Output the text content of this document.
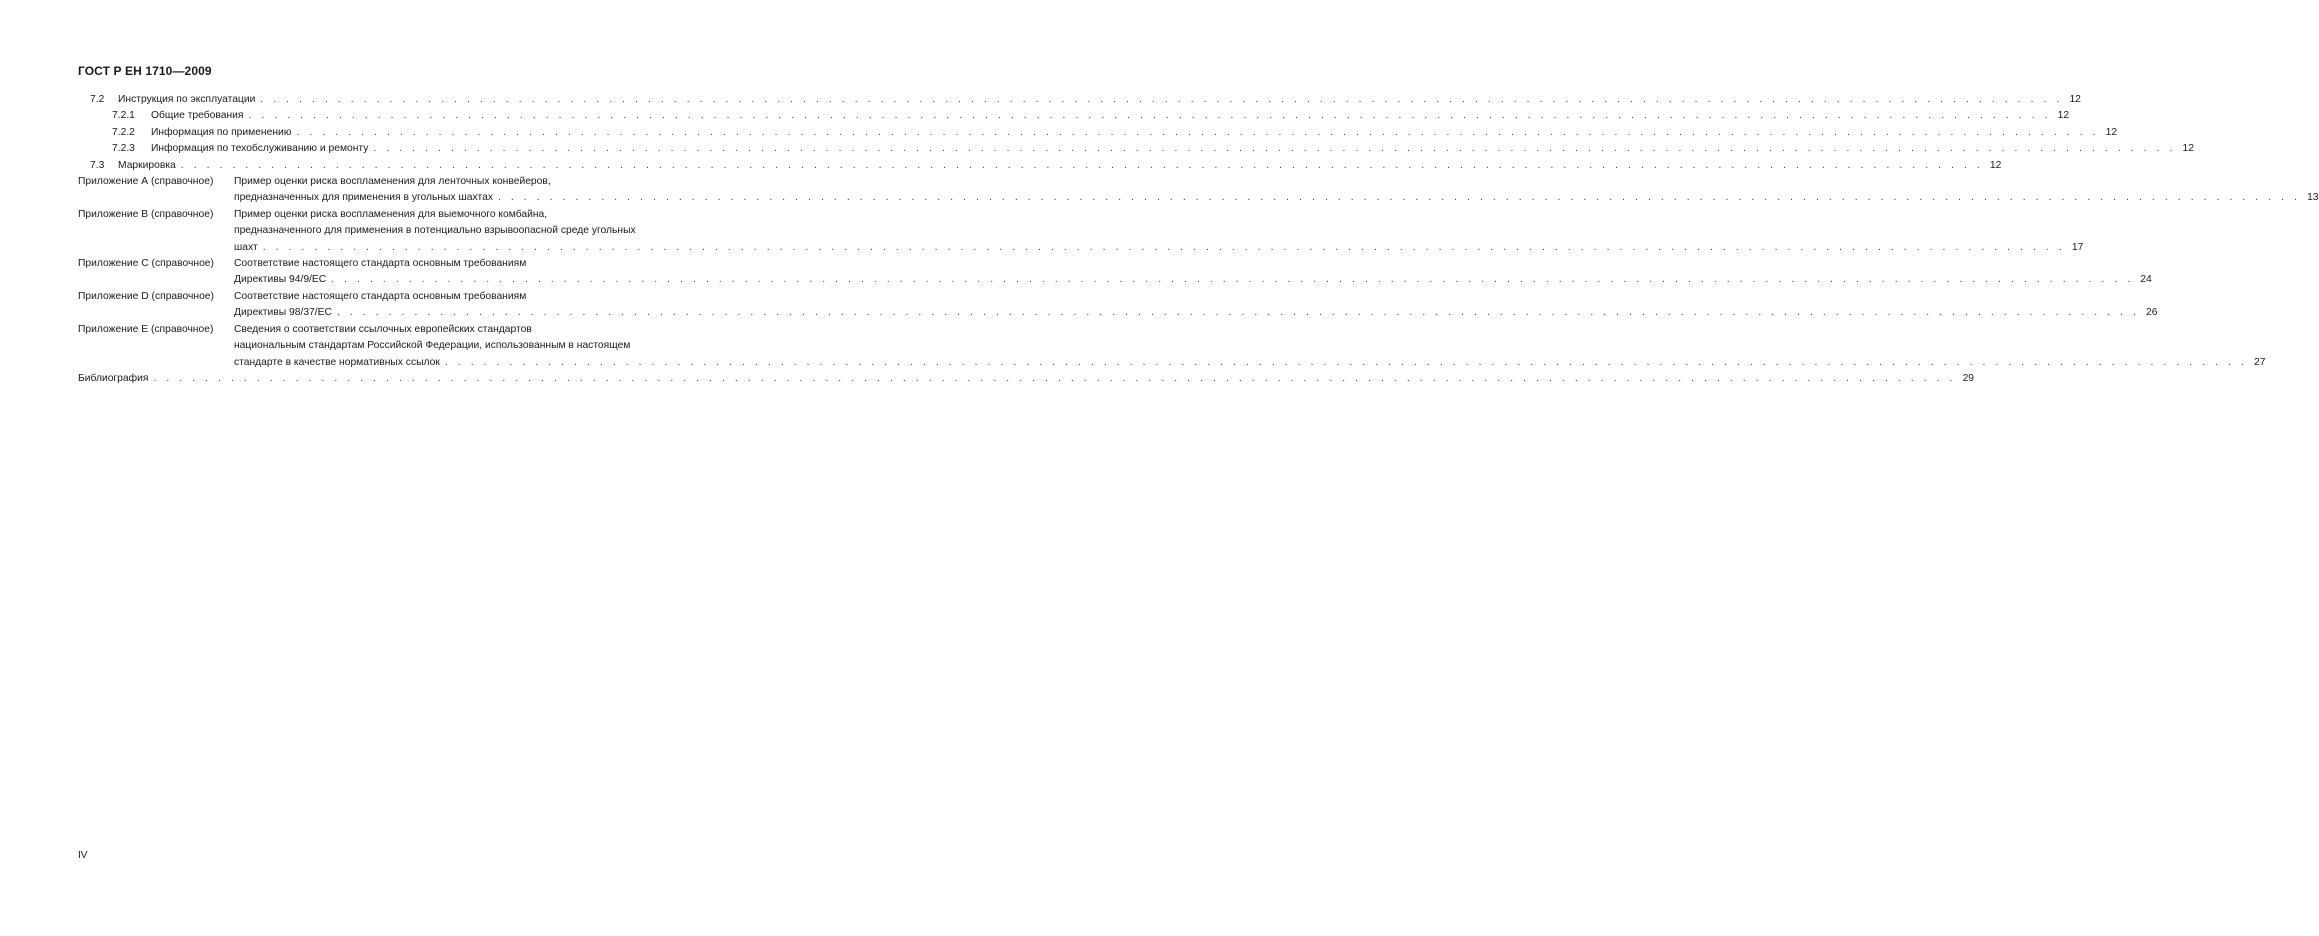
ГОСТ Р ЕН 1710—2009
7.2	Инструкция по эксплуатации . . . . . . . . . . . . . . . . . . . . . . . . . . . . . . . . . . . . . . . . . . . . . . . . . . . . . . . . . . . . . . . . . . . . . . . . . . . . . . . . . . . . . . . . . . . . . . . . . . . . . . . . . . . . . . . . . . . . . . . . . . . . . . . . . . . . . . . . . . . . 12
7.2.1	Общие требования . . . . . . . . . . . . . . . . . . . . . . . . . . . . . . . . . . . . . . . . . . . . . . . . . . . . . . . . . . . . . . . . . . . . . . . . . . . . . . . . . . . . . . . . . . . . . . . . . . . . . . . . . . . . . . . . . . . . . . . . . . . . . . . . . . . . . . . . . . . . 12
7.2.2	Информация по применению . . . . . . . . . . . . . . . . . . . . . . . . . . . . . . . . . . . . . . . . . . . . . . . . . . . . . . . . . . . . . . . . . . . . . . . . . . . . . . . . . . . . . . . . . . . . . . . . . . . . . . . . . . . . . . . . . . . . . . . . . . . . . . . . . . . . . . . . . . . . 12
7.2.3	Информация по техобслуживанию и ремонту . . . . . . . . . . . . . . . . . . . . . . . . . . . . . . . . . . . . . . . . . . . . . . . . . . . . . . . . . . . . . . . . . . . . . . . . . . . . . . . . . . . . . . . . . . . . . . . . . . . . . . . . . . . . . . . . . . . . . . . . . . . . . . . . . . . . . . . . . . . . 12
7.3	Маркировка . . . . . . . . . . . . . . . . . . . . . . . . . . . . . . . . . . . . . . . . . . . . . . . . . . . . . . . . . . . . . . . . . . . . . . . . . . . . . . . . . . . . . . . . . . . . . . . . . . . . . . . . . . . . . . . . . . . . . . . . . . . . . . . . . . . . . . . . . . . . 12
Приложение А (справочное)	Пример оценки риска воспламенения для ленточных конвейеров,
предназначенных для применения в угольных шахтах . . . . . . . . . . . . . . . . . . . . . . . . . . . . . . . . . . . . . . . . . . . . . . . . . . . . . . . . . . . . . . . . . . . . . . . . . . . . . . . . . . . . . . . . . . . . . . . . . . . . . . . . . . . . . . . . . . . . . . . . . . . . . . . . . . . . . . . . . . . . 13
Приложение В (справочное)	Пример оценки риска воспламенения для выемочного комбайна,
предназначенного для применения в потенциально взрывоопасной среде угольных
шахт . . . . . . . . . . . . . . . . . . . . . . . . . . . . . . . . . . . . . . . . . . . . . . . . . . . . . . . . . . . . . . . . . . . . . . . . . . . . . . . . . . . . . . . . . . . . . . . . . . . . . . . . . . . . . . . . . . . . . . . . . . . . . . . . . . . . . . . . . . . . 17
Приложение С (справочное)	Соответствие настоящего стандарта основным требованиям
Директивы 94/9/ЕС . . . . . . . . . . . . . . . . . . . . . . . . . . . . . . . . . . . . . . . . . . . . . . . . . . . . . . . . . . . . . . . . . . . . . . . . . . . . . . . . . . . . . . . . . . . . . . . . . . . . . . . . . . . . . . . . . . . . . . . . . . . . . . . . . . . . . . . . . . . . 24
Приложение D (справочное)	Соответствие настоящего стандарта основным требованиям
Директивы 98/37/ЕС . . . . . . . . . . . . . . . . . . . . . . . . . . . . . . . . . . . . . . . . . . . . . . . . . . . . . . . . . . . . . . . . . . . . . . . . . . . . . . . . . . . . . . . . . . . . . . . . . . . . . . . . . . . . . . . . . . . . . . . . . . . . . . . . . . . . . . . . . . . . 26
Приложение Е (справочное)	Сведения о соответствии ссылочных европейских стандартов
национальным стандартам Российской Федерации, использованным в настоящем
стандарте в качестве нормативных ссылок . . . . . . . . . . . . . . . . . . . . . . . . . . . . . . . . . . . . . . . . . . . . . . . . . . . . . . . . . . . . . . . . . . . . . . . . . . . . . . . . . . . . . . . . . . . . . . . . . . . . . . . . . . . . . . . . . . . . . . . . . . . . . . . . . . . . . . . . . . . . 27
Библиография . . . . . . . . . . . . . . . . . . . . . . . . . . . . . . . . . . . . . . . . . . . . . . . . . . . . . . . . . . . . . . . . . . . . . . . . . . . . . . . . . . . . . . . . . . . . . . . . . . . . . . . . . . . . . . . . . . . . . . . . . . . . . . . . . . . . . . . . . . . . 29
IV
